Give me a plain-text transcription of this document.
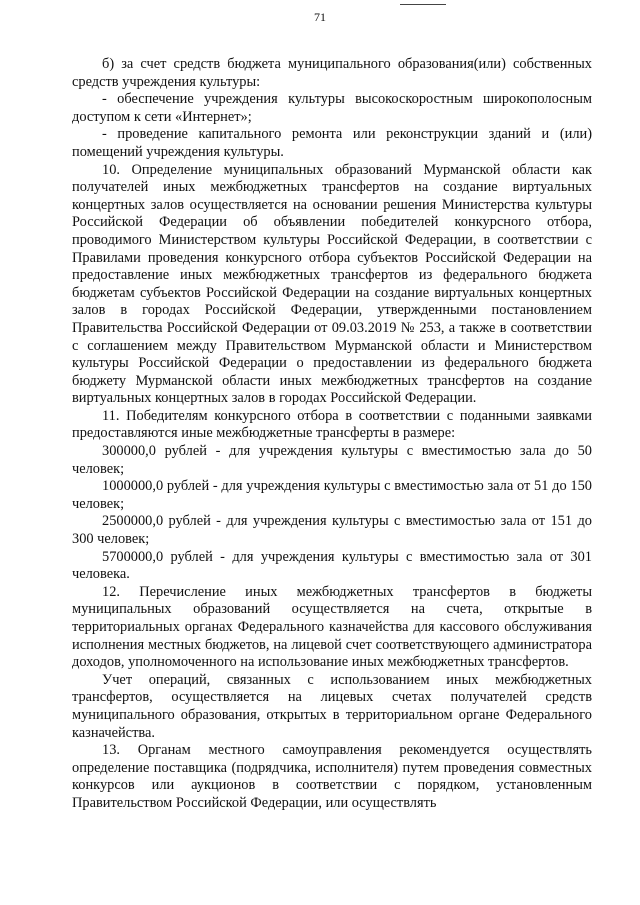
71

б) за счет средств бюджета муниципального образования(или) собственных средств учреждения культуры:

- обеспечение учреждения культуры высокоскоростным широкополосным доступом к сети «Интернет»;

- проведение капитального ремонта или реконструкции зданий и (или) помещений учреждения культуры.

10. Определение муниципальных образований Мурманской области как получателей иных межбюджетных трансфертов на создание виртуальных концертных залов осуществляется на основании решения Министерства культуры Российской Федерации об объявлении победителей конкурсного отбора, проводимого Министерством культуры Российской Федерации, в соответствии с Правилами проведения конкурсного отбора субъектов Российской Федерации на предоставление иных межбюджетных трансфертов из федерального бюджета бюджетам субъектов Российской Федерации на создание виртуальных концертных залов в городах Российской Федерации, утвержденными постановлением Правительства Российской Федерации от 09.03.2019 № 253, а также в соответствии с соглашением между Правительством Мурманской области и Министерством культуры Российской Федерации о предоставлении из федерального бюджета бюджету Мурманской области иных межбюджетных трансфертов на создание виртуальных концертных залов в городах Российской Федерации.

11. Победителям конкурсного отбора в соответствии с поданными заявками предоставляются иные межбюджетные трансферты в размере:

300000,0 рублей - для учреждения культуры с вместимостью зала до 50 человек;

1000000,0 рублей - для учреждения культуры с вместимостью зала от 51 до 150 человек;

2500000,0 рублей - для учреждения культуры с вместимостью зала от 151 до 300 человек;

5700000,0 рублей - для учреждения культуры с вместимостью зала от 301 человека.

12. Перечисление иных межбюджетных трансфертов в бюджеты муниципальных образований осуществляется на счета, открытые в территориальных органах Федерального казначейства для кассового обслуживания исполнения местных бюджетов, на лицевой счет соответствующего администратора доходов, уполномоченного на использование иных межбюджетных трансфертов.

Учет операций, связанных с использованием иных межбюджетных трансфертов, осуществляется на лицевых счетах получателей средств муниципального образования, открытых в территориальном органе Федерального казначейства.

13. Органам местного самоуправления рекомендуется осуществлять определение поставщика (подрядчика, исполнителя) путем проведения совместных конкурсов или аукционов в соответствии с порядком, установленным Правительством Российской Федерации, или осуществлять
